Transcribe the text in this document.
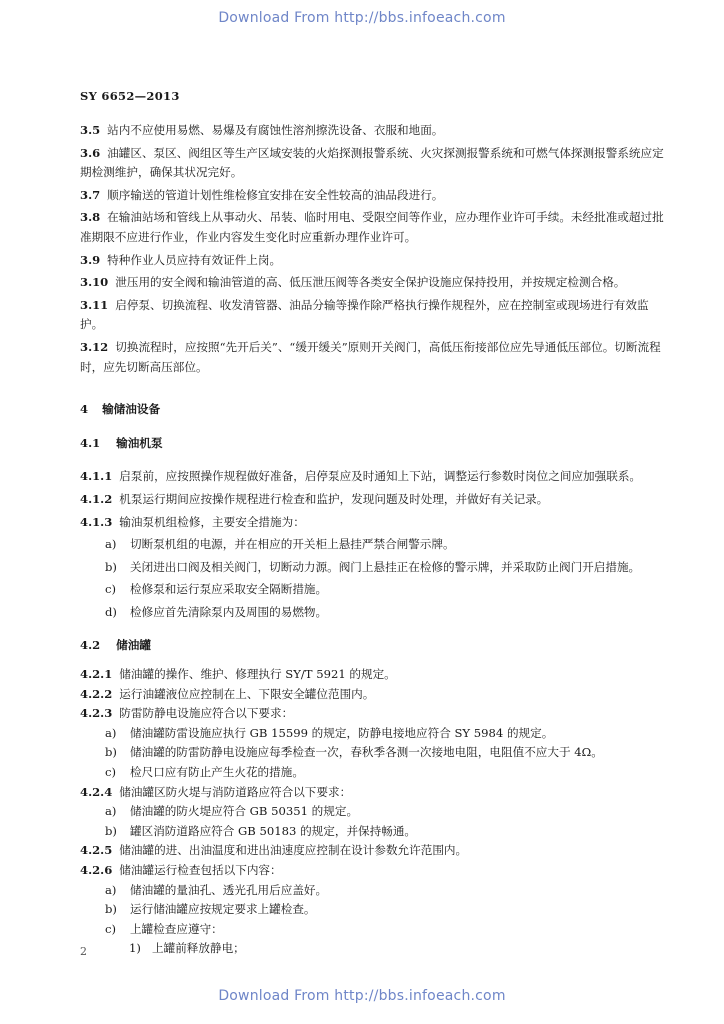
Download From http://bbs.infoeach.com
SY 6652—2013

3.5 站内不应使用易燃、易爆及有腐蚀性溶剂擦洗设备、衣服和地面。

3.6 油罐区、泵区、阀组区等生产区域安装的火焰探测报警系统、火灾探测报警系统和可燃气体探测报警系统应定期检测维护，确保其状况完好。

3.7 顺序输送的管道计划性维检修宜安排在安全性较高的油品段进行。

3.8 在输油站场和管线上从事动火、吊装、临时用电、受限空间等作业，应办理作业许可手续。未经批准或超过批准期限不应进行作业，作业内容发生变化时应重新办理作业许可。

3.9 特种作业人员应持有效证件上岗。

3.10 泄压用的安全阀和输油管道的高、低压泄压阀等各类安全保护设施应保持投用，并按规定检测合格。

3.11 启停泵、切换流程、收发清管器、油品分输等操作除严格执行操作规程外，应在控制室或现场进行有效监护。

3.12 切换流程时，应按照“先开后关”、“缓开缓关”原则开关阀门，高低压衔接部位应先导通低压部位。切断流程时，应先切断高压部位。

4 输储油设备

4.1 输油机泵

4.1.1 启泵前，应按照操作规程做好准备，启停泵应及时通知上下站，调整运行参数时岗位之间应加强联系。

4.1.2 机泵运行期间应按操作规程进行检查和监护，发现问题及时处理，并做好有关记录。

4.1.3 输油泵机组检修，主要安全措施为：

a)	切断泵机组的电源，并在相应的开关柜上悬挂严禁合闸警示牌。
b)	关闭进出口阀及相关阀门，切断动力源。阀门上悬挂正在检修的警示牌，并采取防止阀门开启措施。
c)	检修泵和运行泵应采取安全隔断措施。
d)	检修应首先清除泵内及周围的易燃物。

4.2 储油罐

4.2.1 储油罐的操作、维护、修理执行 SY/T 5921 的规定。

4.2.2 运行油罐液位应控制在上、下限安全罐位范围内。

4.2.3 防雷防静电设施应符合以下要求：

a)	储油罐防雷设施应执行 GB 15599 的规定，防静电接地应符合 SY 5984 的规定。
b)	储油罐的防雷防静电设施应每季检查一次，春秋季各测一次接地电阻，电阻值不应大于 4Ω。
c)	检尺口应有防止产生火花的措施。

4.2.4 储油罐区防火堤与消防道路应符合以下要求：

a)	储油罐的防火堤应符合 GB 50351 的规定。
b)	罐区消防道路应符合 GB 50183 的规定，并保持畅通。

4.2.5 储油罐的进、出油温度和进出油速度应控制在设计参数允许范围内。

4.2.6 储油罐运行检查包括以下内容：

a)	储油罐的量油孔、透光孔用后应盖好。
b)	运行储油罐应按规定要求上罐检查。
c)	上罐检查应遵守：
1) 上罐前释放静电；
2
Download From http://bbs.infoeach.com
